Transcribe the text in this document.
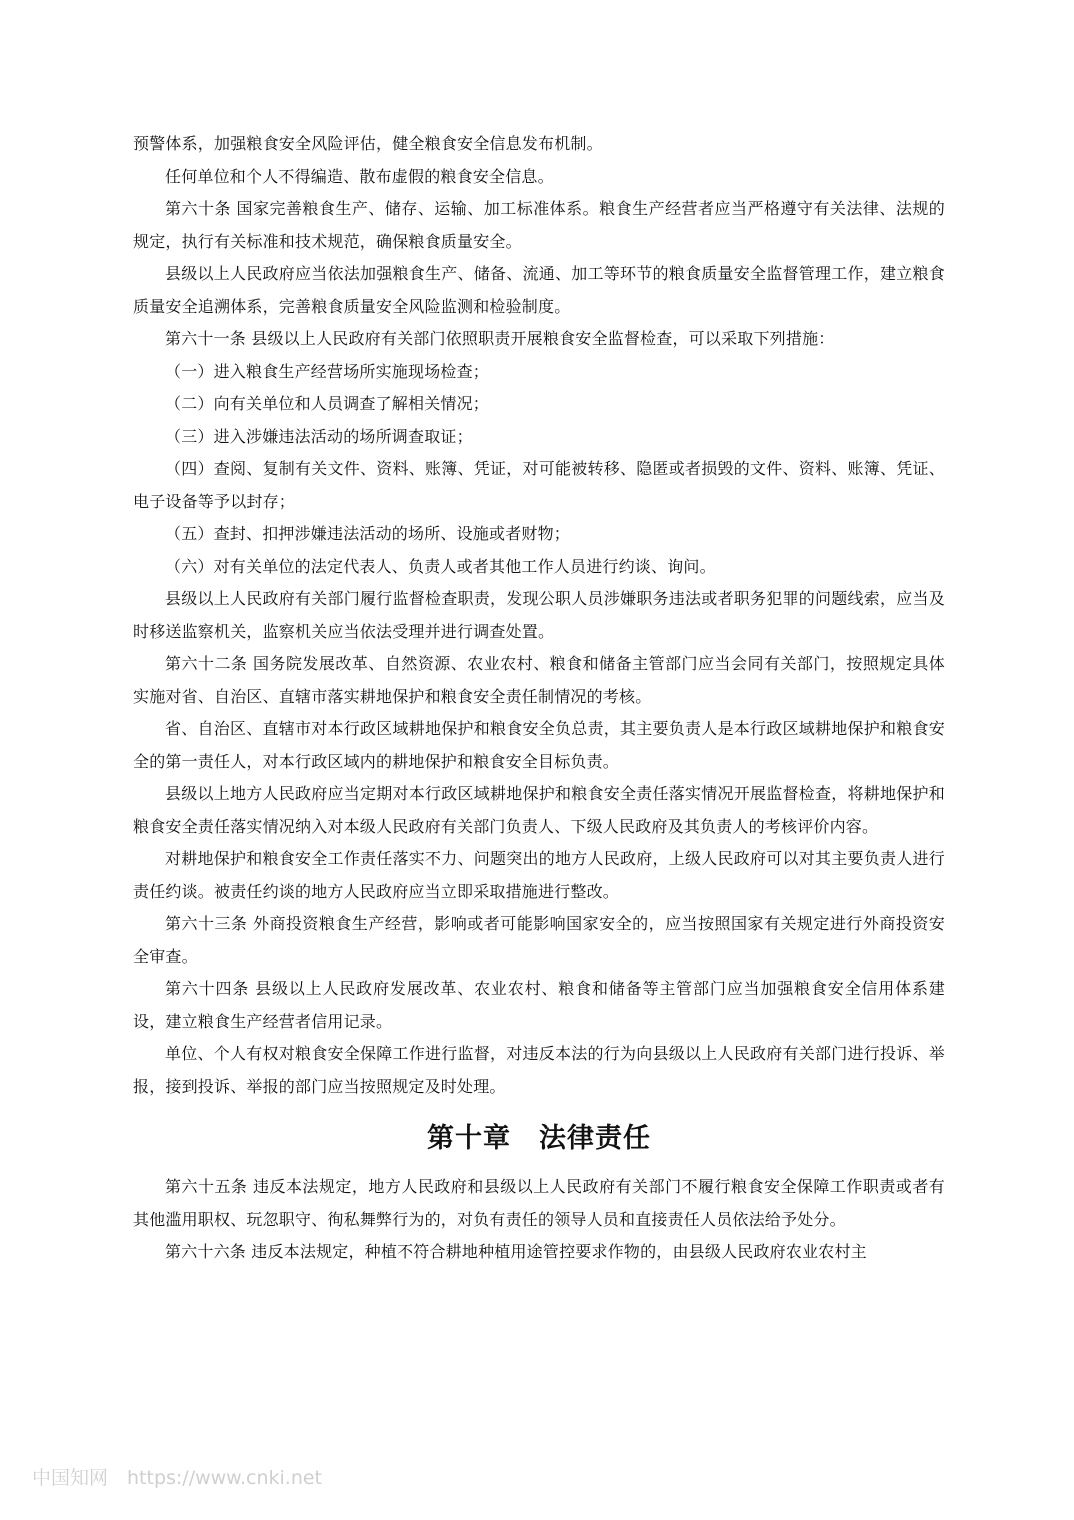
预警体系，加强粮食安全风险评估，健全粮食安全信息发布机制。

任何单位和个人不得编造、散布虚假的粮食安全信息。

第六十条 国家完善粮食生产、储存、运输、加工标准体系。粮食生产经营者应当严格遵守有关法律、法规的规定，执行有关标准和技术规范，确保粮食质量安全。

县级以上人民政府应当依法加强粮食生产、储备、流通、加工等环节的粮食质量安全监督管理工作，建立粮食质量安全追溯体系，完善粮食质量安全风险监测和检验制度。

第六十一条 县级以上人民政府有关部门依照职责开展粮食安全监督检查，可以采取下列措施：

（一）进入粮食生产经营场所实施现场检查；

（二）向有关单位和人员调查了解相关情况；

（三）进入涉嫌违法活动的场所调查取证；

（四）查阅、复制有关文件、资料、账簿、凭证，对可能被转移、隐匿或者损毁的文件、资料、账簿、凭证、电子设备等予以封存；

（五）查封、扣押涉嫌违法活动的场所、设施或者财物；

（六）对有关单位的法定代表人、负责人或者其他工作人员进行约谈、询问。

县级以上人民政府有关部门履行监督检查职责，发现公职人员涉嫌职务违法或者职务犯罪的问题线索，应当及时移送监察机关，监察机关应当依法受理并进行调查处置。

第六十二条 国务院发展改革、自然资源、农业农村、粮食和储备主管部门应当会同有关部门，按照规定具体实施对省、自治区、直辖市落实耕地保护和粮食安全责任制情况的考核。

省、自治区、直辖市对本行政区域耕地保护和粮食安全负总责，其主要负责人是本行政区域耕地保护和粮食安全的第一责任人，对本行政区域内的耕地保护和粮食安全目标负责。

县级以上地方人民政府应当定期对本行政区域耕地保护和粮食安全责任落实情况开展监督检查，将耕地保护和粮食安全责任落实情况纳入对本级人民政府有关部门负责人、下级人民政府及其负责人的考核评价内容。

对耕地保护和粮食安全工作责任落实不力、问题突出的地方人民政府，上级人民政府可以对其主要负责人进行责任约谈。被责任约谈的地方人民政府应当立即采取措施进行整改。

第六十三条 外商投资粮食生产经营，影响或者可能影响国家安全的，应当按照国家有关规定进行外商投资安全审查。

第六十四条 县级以上人民政府发展改革、农业农村、粮食和储备等主管部门应当加强粮食安全信用体系建设，建立粮食生产经营者信用记录。

单位、个人有权对粮食安全保障工作进行监督，对违反本法的行为向县级以上人民政府有关部门进行投诉、举报，接到投诉、举报的部门应当按照规定及时处理。

第十章　法律责任

第六十五条 违反本法规定，地方人民政府和县级以上人民政府有关部门不履行粮食安全保障工作职责或者有其他滥用职权、玩忽职守、徇私舞弊行为的，对负有责任的领导人员和直接责任人员依法给予处分。

第六十六条 违反本法规定，种植不符合耕地种植用途管控要求作物的，由县级人民政府农业农村主

中国知网　https://www.cnki.net
